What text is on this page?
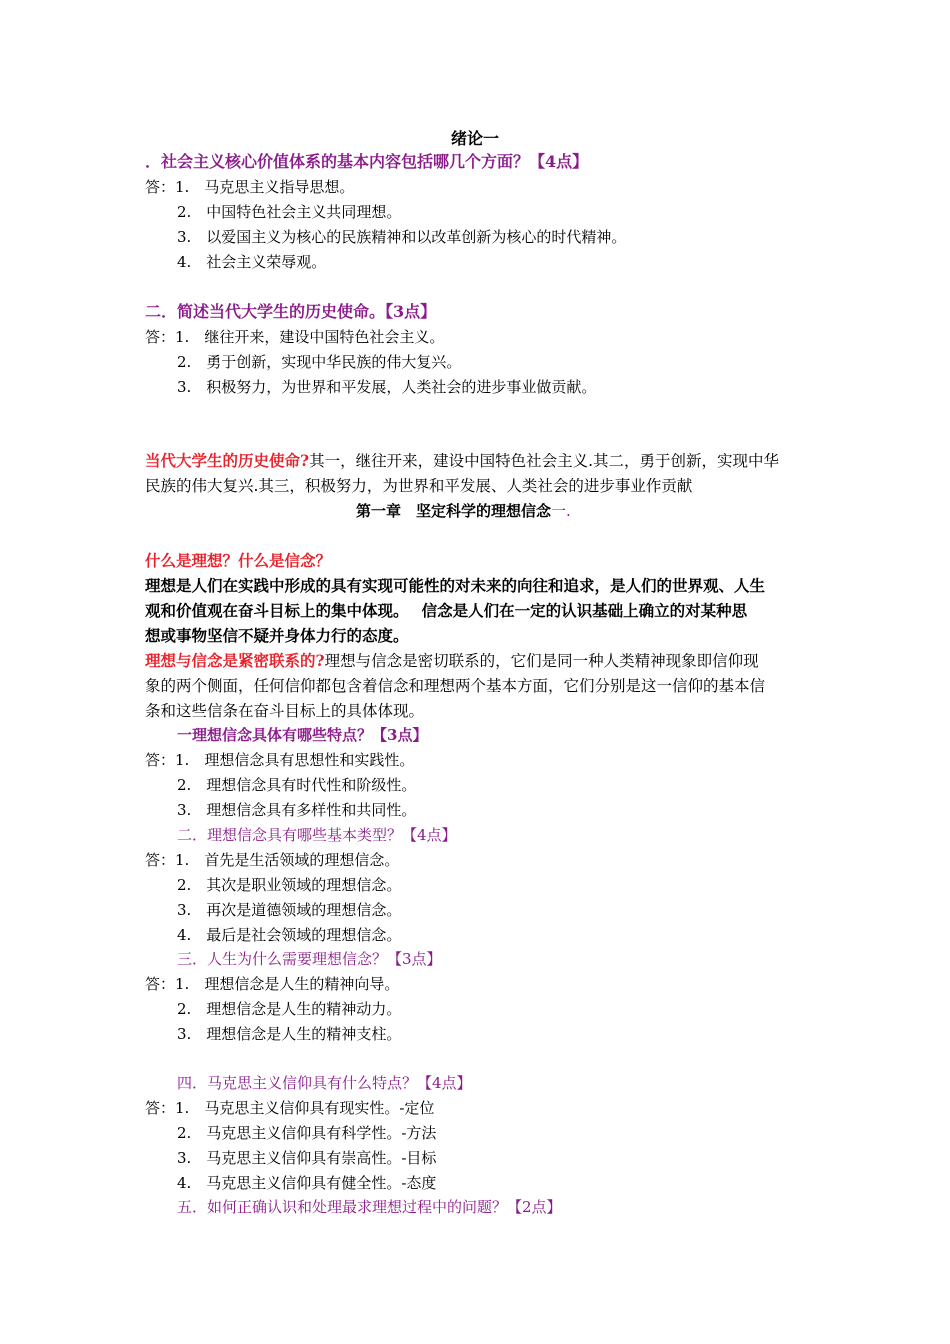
绪论一
．社会主义核心价值体系的基本内容包括哪几个方面？【4点】
答：1.　马克思主义指导思想。
2.　中国特色社会主义共同理想。
3.　以爱国主义为核心的民族精神和以改革创新为核心的时代精神。
4.　社会主义荣辱观。
二．简述当代大学生的历史使命。【3点】
答：1.　继往开来，建设中国特色社会主义。
2.　勇于创新，实现中华民族的伟大复兴。
3.　积极努力，为世界和平发展，人类社会的进步事业做贡献。
当代大学生的历史使命?其一，继往开来，建设中国特色社会主义.其二，勇于创新，实现中华
民族的伟大复兴.其三，积极努力，为世界和平发展、人类社会的进步事业作贡献
第一章　坚定科学的理想信念一.
什么是理想？什么是信念？
理想是人们在实践中形成的具有实现可能性的对未来的向往和追求，是人们的世界观、人生
观和价值观在奋斗目标上的集中体现。　 信念是人们在一定的认识基础上确立的对某种思
想或事物坚信不疑并身体力行的态度。
理想与信念是紧密联系的?理想与信念是密切联系的，它们是同一种人类精神现象即信仰现
象的两个侧面，任何信仰都包含着信念和理想两个基本方面，它们分别是这一信仰的基本信
条和这些信条在奋斗目标上的具体体现。
一理想信念具体有哪些特点？【3点】
答：1.　理想信念具有思想性和实践性。
2.　理想信念具有时代性和阶级性。
3.　理想信念具有多样性和共同性。
二．理想信念具有哪些基本类型？【4点】
答：1.　首先是生活领域的理想信念。
2.　其次是职业领域的理想信念。
3.　再次是道德领域的理想信念。
4.　最后是社会领域的理想信念。
三．人生为什么需要理想信念？【3点】
答：1.　理想信念是人生的精神向导。
2.　理想信念是人生的精神动力。
3.　理想信念是人生的精神支柱。
四．马克思主义信仰具有什么特点？【4点】
答：1.　马克思主义信仰具有现实性。-定位
2.　马克思主义信仰具有科学性。-方法
3.　马克思主义信仰具有崇高性。-目标
4.　马克思主义信仰具有健全性。-态度
五．如何正确认识和处理最求理想过程中的问题？【2点】
